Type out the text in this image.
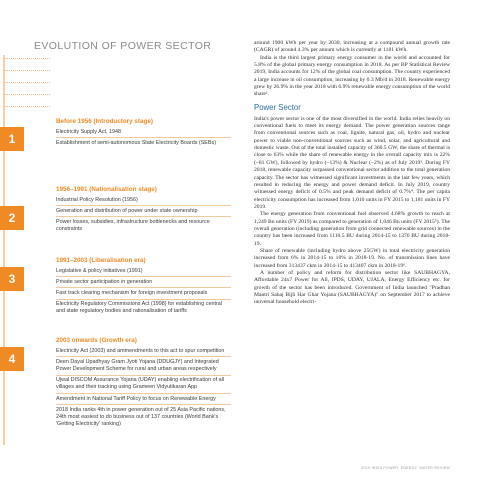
EVOLUTION OF POWER SECTOR
1
Before 1956 (Introductory stage)
Electricity Supply Act, 1948
Establishment of semi-autonomous State Electricity Boards (SEBs)
2
1956–1991 (Nationalisation stage)
Industrial Policy Resolution (1956)
Generation and distribution of power under state ownership
Power losses, subsidies, infrastructure bottlenecks and resource constraints
3
1991–2003 (Liberalisation era)
Legislative & policy initiatives (1991)
Private sector participation in generation
Fast track clearing mechanism for foreign investment proposals
Electricity Regulatory Commissions Act (1998) for establishing central and state regulatory bodies and rationalisation of tariffs
4
2003 onwards (Growth era)
Electricity Act (2003) and ammendments to this act to spur competition
Deen Dayal Upadhyay Gram Jyoti Yojana (DDUGJY) and Integrated Power Development Scheme for rural and urban areas respectively
Ujwal DISCOM Assurance Yojana (UDAY) enabling electrification of all villages and their tracking using Grameen Vidyutikaran App
Amendment in National Tariff Policy to focus on Renewable Energy
2018 India ranks 4th in power generation out of 25 Asia Pacific nations, 24th most easiest to do business out of 137 countries (World Bank's 'Getting Electricity' ranking)

around 1900 kWh per year by 2030, increasing at a compound annual growth rate (CAGR) of around 4.3% per annum which is currently at 1181 kWh.

India is the third largest primary energy consumer in the world and accounted for 5.8% of the global primary energy consumption in 2018. As per BP Statistical Review 2019, India accounts for 12% of the global coal consumption. The country experienced a large increase in oil consumption, increasing by 0.3 Mb/d in 2018. Renewable energy grew by 26.9% in the year 2018 with 6.9% renewable energy consumption of the world share².

Power Sector

India's power sector is one of the most diversified in the world. India relies heavily on conventional fuels to meet its energy demand. The power generation sources range from conventional sources such as coal, lignite, natural gas, oil, hydro and nuclear power to viable non-conventional sources such as wind, solar, and agricultural and domestic waste. Out of the total installed capacity of 360.5 GW, the share of thermal is close to 63% while the share of renewable energy in the overall capacity mix is 22% (~81 GW), followed by hydro (~13%) & Nuclear (~2%) as of July 2019³. During FY 2018, renewable capacity surpassed conventional sector addition to the total generation capacity. The sector has witnessed significant investments in the last few years, which resulted in reducing the energy and power demand deficit. In July 2019, country witnessed energy deficit of 0.5% and peak demand deficit of 0.7%⁴. The per capita electricity consumption has increased from 1,010 units in FY 2015 to 1,181 units in FY 2019.

The energy generation from conventional fuel observed 4.68% growth to reach at 1,249 Bn units (FY 2019) as compared to generation of 1,046 Bn units (FY 2015⁵). The overall generation (including generation from grid connected renewable sources) in the country has been increased from 1110.5 BU during 2014-15 to 1376 BU during 2018-19.

Share of renewable (including hydro above 25GW) in total electricity generation increased from 6% in 2014-15 to 10% in 2018-19. No. of transmission lines have increased from 313437 ckm in 2014-15 to 413407 ckm in 2018-19⁶.

A number of policy and reform for distribution sector like SAUBHAGYA, Affordable 24x7 Power for All, IPDS, UDAY, UJALA, Energy Efficiency etc. for growth of the sector has been introduced. Government of India launched "Pradhan Mantri Sahaj Bijli Har Ghar Yojana (SAUBHAGYA)" on September 2017 to achieve universal household electri-

2019 INDIA POWER, ENERGY, WATER REVIEW
